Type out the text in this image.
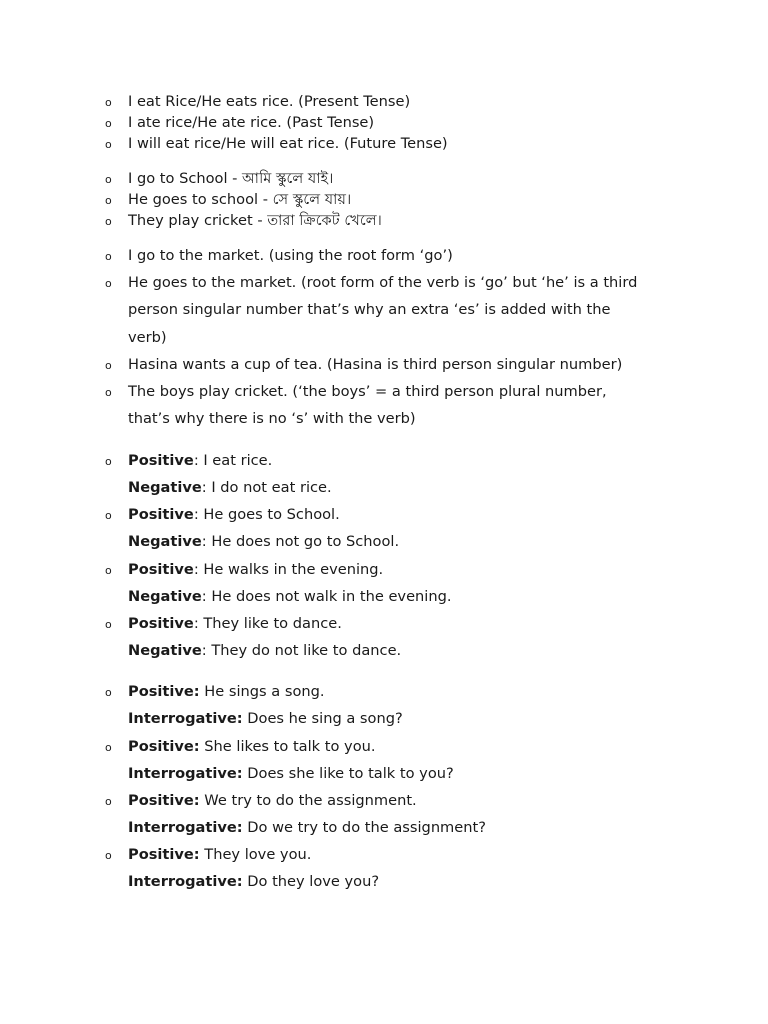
o I eat Rice/He eats rice. (Present Tense)
o I ate rice/He ate rice. (Past Tense)
o I will eat rice/He will eat rice. (Future Tense)
o I go to School - আমি স্কুলে যাই।
o He goes to school - সে স্কুলে যায়।
o They play cricket - তারা ক্রিকেট খেলে।
o I go to the market. (using the root form ‘go’)
o He goes to the market. (root form of the verb is ‘go’ but ‘he’ is a third
person singular number that’s why an extra ‘es’ is added with the
verb)
o Hasina wants a cup of tea. (Hasina is third person singular number)
o The boys play cricket. (‘the boys’ = a third person plural number,
that’s why there is no ‘s’ with the verb)
o Positive: I eat rice.
Negative: I do not eat rice.
o Positive: He goes to School.
Negative: He does not go to School.
o Positive: He walks in the evening.
Negative: He does not walk in the evening.
o Positive: They like to dance.
Negative: They do not like to dance.
o Positive: He sings a song.
Interrogative: Does he sing a song?
o Positive: She likes to talk to you.
Interrogative: Does she like to talk to you?
o Positive: We try to do the assignment.
Interrogative: Do we try to do the assignment?
o Positive: They love you.
Interrogative: Do they love you?
